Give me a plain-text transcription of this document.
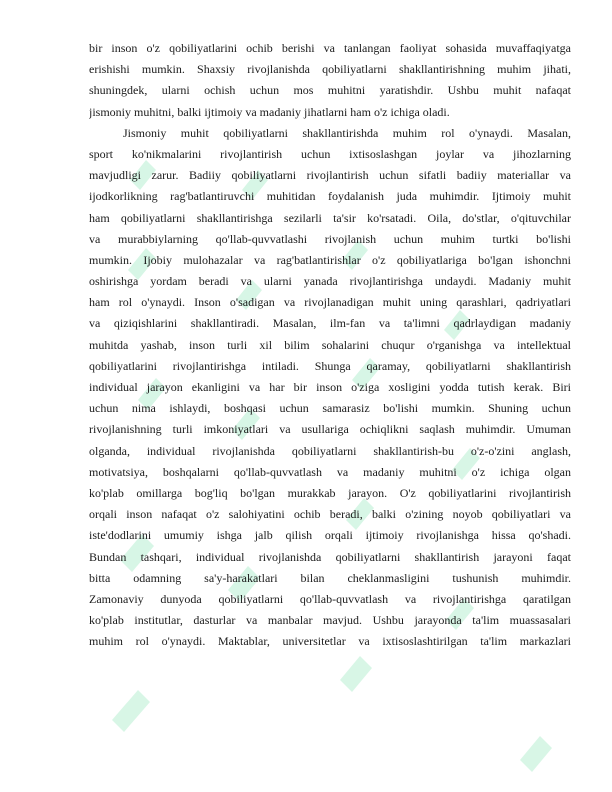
bir inson o'z qobiliyatlarini ochib berishi va tanlangan faoliyat sohasida muvaffaqiyatga
erishishi mumkin. Shaxsiy rivojlanishda qobiliyatlarni shakllantirishning muhim jihati,
shuningdek, ularni ochish uchun mos muhitni yaratishdir. Ushbu muhit nafaqat
jismoniy muhitni, balki ijtimoiy va madaniy jihatlarni ham o'z ichiga oladi.
Jismoniy muhit qobiliyatlarni shakllantirishda muhim rol o'ynaydi. Masalan,
sport ko'nikmalarini rivojlantirish uchun ixtisoslashgan joylar va jihozlarning
mavjudligi zarur. Badiiy qobiliyatlarni rivojlantirish uchun sifatli badiiy materiallar va
ijodkorlikning rag'batlantiruvchi muhitidan foydalanish juda muhimdir. Ijtimoiy muhit
ham qobiliyatlarni shakllantirishga sezilarli ta'sir ko'rsatadi. Oila, do'stlar, o'qituvchilar
va murabbiylarning qo'llab-quvvatlashi rivojlanish uchun muhim turtki bo'lishi
mumkin. Ijobiy mulohazalar va rag'batlantirishlar o'z qobiliyatlariga bo'lgan ishonchni
oshirishga yordam beradi va ularni yanada rivojlantirishga undaydi. Madaniy muhit
ham rol o'ynaydi. Inson o'sadigan va rivojlanadigan muhit uning qarashlari, qadriyatlari
va qiziqishlarini shakllantiradi. Masalan, ilm-fan va ta'limni qadrlaydigan madaniy
muhitda yashab, inson turli xil bilim sohalarini chuqur o'rganishga va intellektual
qobiliyatlarini rivojlantirishga intiladi. Shunga qaramay, qobiliyatlarni shakllantirish
individual jarayon ekanligini va har bir inson o'ziga xosligini yodda tutish kerak. Biri
uchun nima ishlaydi, boshqasi uchun samarasiz bo'lishi mumkin. Shuning uchun
rivojlanishning turli imkoniyatlari va usullariga ochiqlikni saqlash muhimdir. Umuman
olganda, individual rivojlanishda qobiliyatlarni shakllantirish-bu o'z-o'zini anglash,
motivatsiya, boshqalarni qo'llab-quvvatlash va madaniy muhitni o'z ichiga olgan
ko'plab omillarga bog'liq bo'lgan murakkab jarayon. O'z qobiliyatlarini rivojlantirish
orqali inson nafaqat o'z salohiyatini ochib beradi, balki o'zining noyob qobiliyatlari va
iste'dodlarini umumiy ishga jalb qilish orqali ijtimoiy rivojlanishga hissa qo'shadi.
Bundan tashqari, individual rivojlanishda qobiliyatlarni shakllantirish jarayoni faqat
bitta odamning sa'y-harakatlari bilan cheklanmasligini tushunish muhimdir.
Zamonaviy dunyoda qobiliyatlarni qo'llab-quvvatlash va rivojlantirishga qaratilgan
ko'plab institutlar, dasturlar va manbalar mavjud. Ushbu jarayonda ta'lim muassasalari
muhim rol o'ynaydi. Maktablar, universitetlar va ixtisoslashtirilgan ta'lim markazlari
